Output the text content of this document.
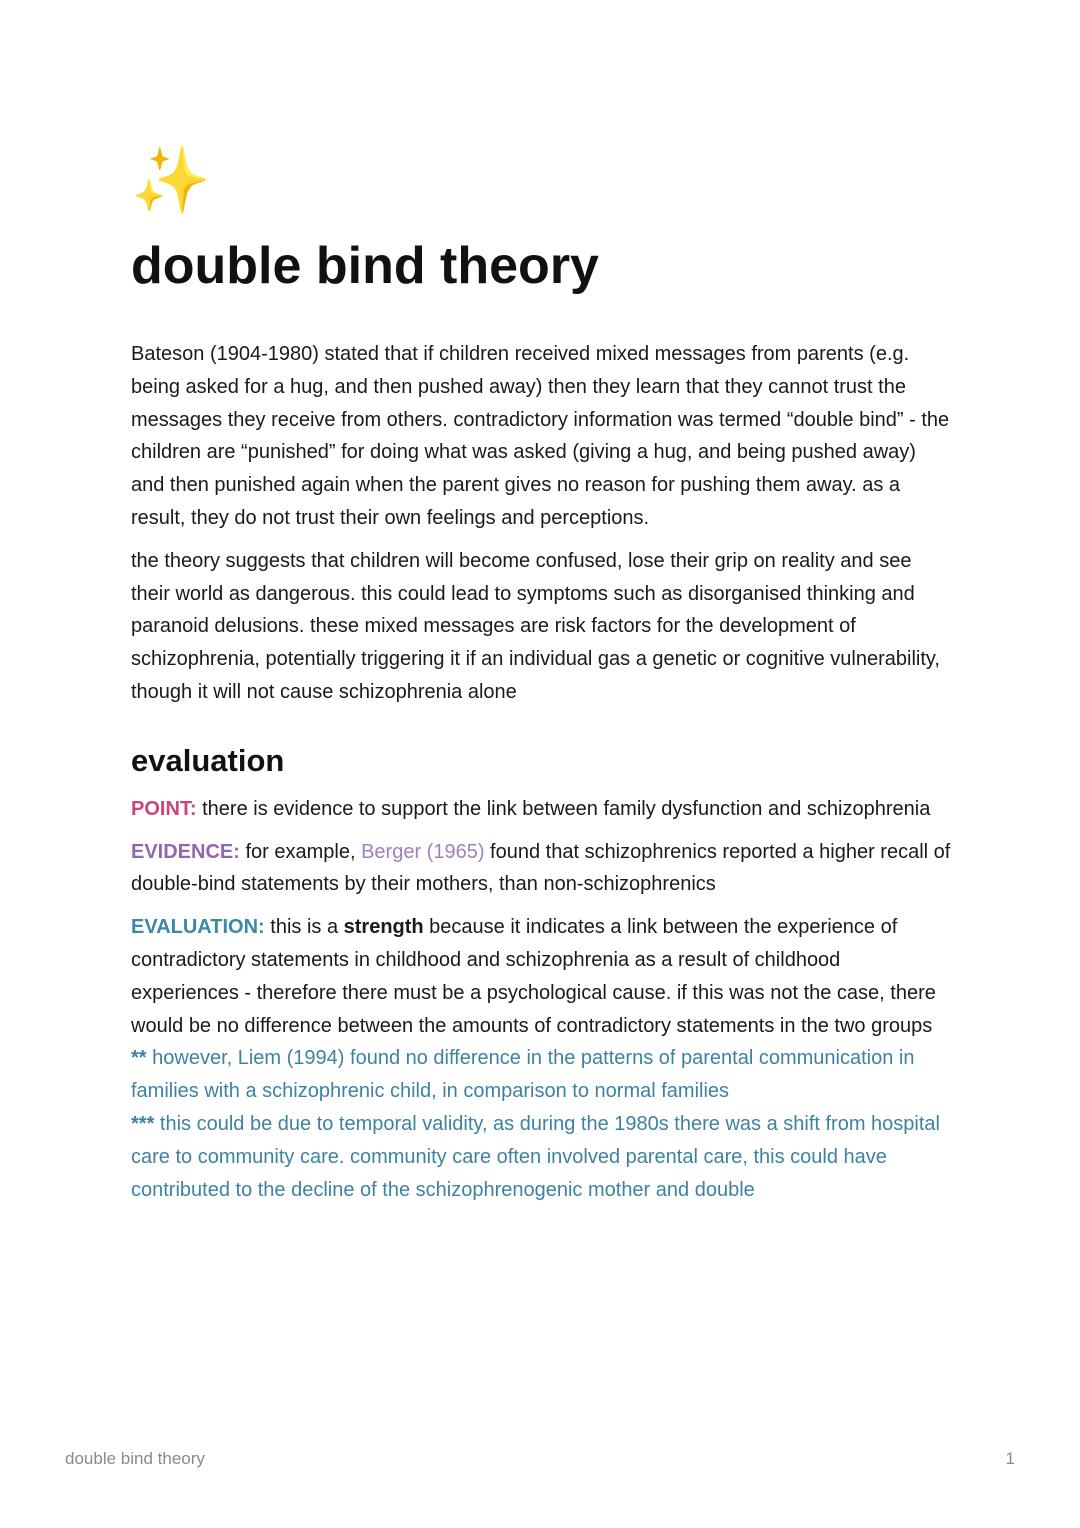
✨
double bind theory

Bateson (1904-1980) stated that if children received mixed messages from parents (e.g. being asked for a hug, and then pushed away) then they learn that they cannot trust the messages they receive from others. contradictory information was termed “double bind” - the children are “punished” for doing what was asked (giving a hug, and being pushed away) and then punished again when the parent gives no reason for pushing them away. as a result, they do not trust their own feelings and perceptions.

the theory suggests that children will become confused, lose their grip on reality and see their world as dangerous. this could lead to symptoms such as disorganised thinking and paranoid delusions. these mixed messages are risk factors for the development of schizophrenia, potentially triggering it if an individual gas a genetic or cognitive vulnerability, though it will not cause schizophrenia alone

evaluation

POINT: there is evidence to support the link between family dysfunction and schizophrenia

EVIDENCE: for example, Berger (1965) found that schizophrenics reported a higher recall of double-bind statements by their mothers, than non-schizophrenics

EVALUATION: this is a strength because it indicates a link between the experience of contradictory statements in childhood and schizophrenia as a result of childhood experiences - therefore there must be a psychological cause. if this was not the case, there would be no difference between the amounts of contradictory statements in the two groups

** however, Liem (1994) found no difference in the patterns of parental communication in families with a schizophrenic child, in comparison to normal families

*** this could be due to temporal validity, as during the 1980s there was a shift from hospital care to community care. community care often involved parental care, this could have contributed to the decline of the schizophrenogenic mother and double

double bind theory	1
